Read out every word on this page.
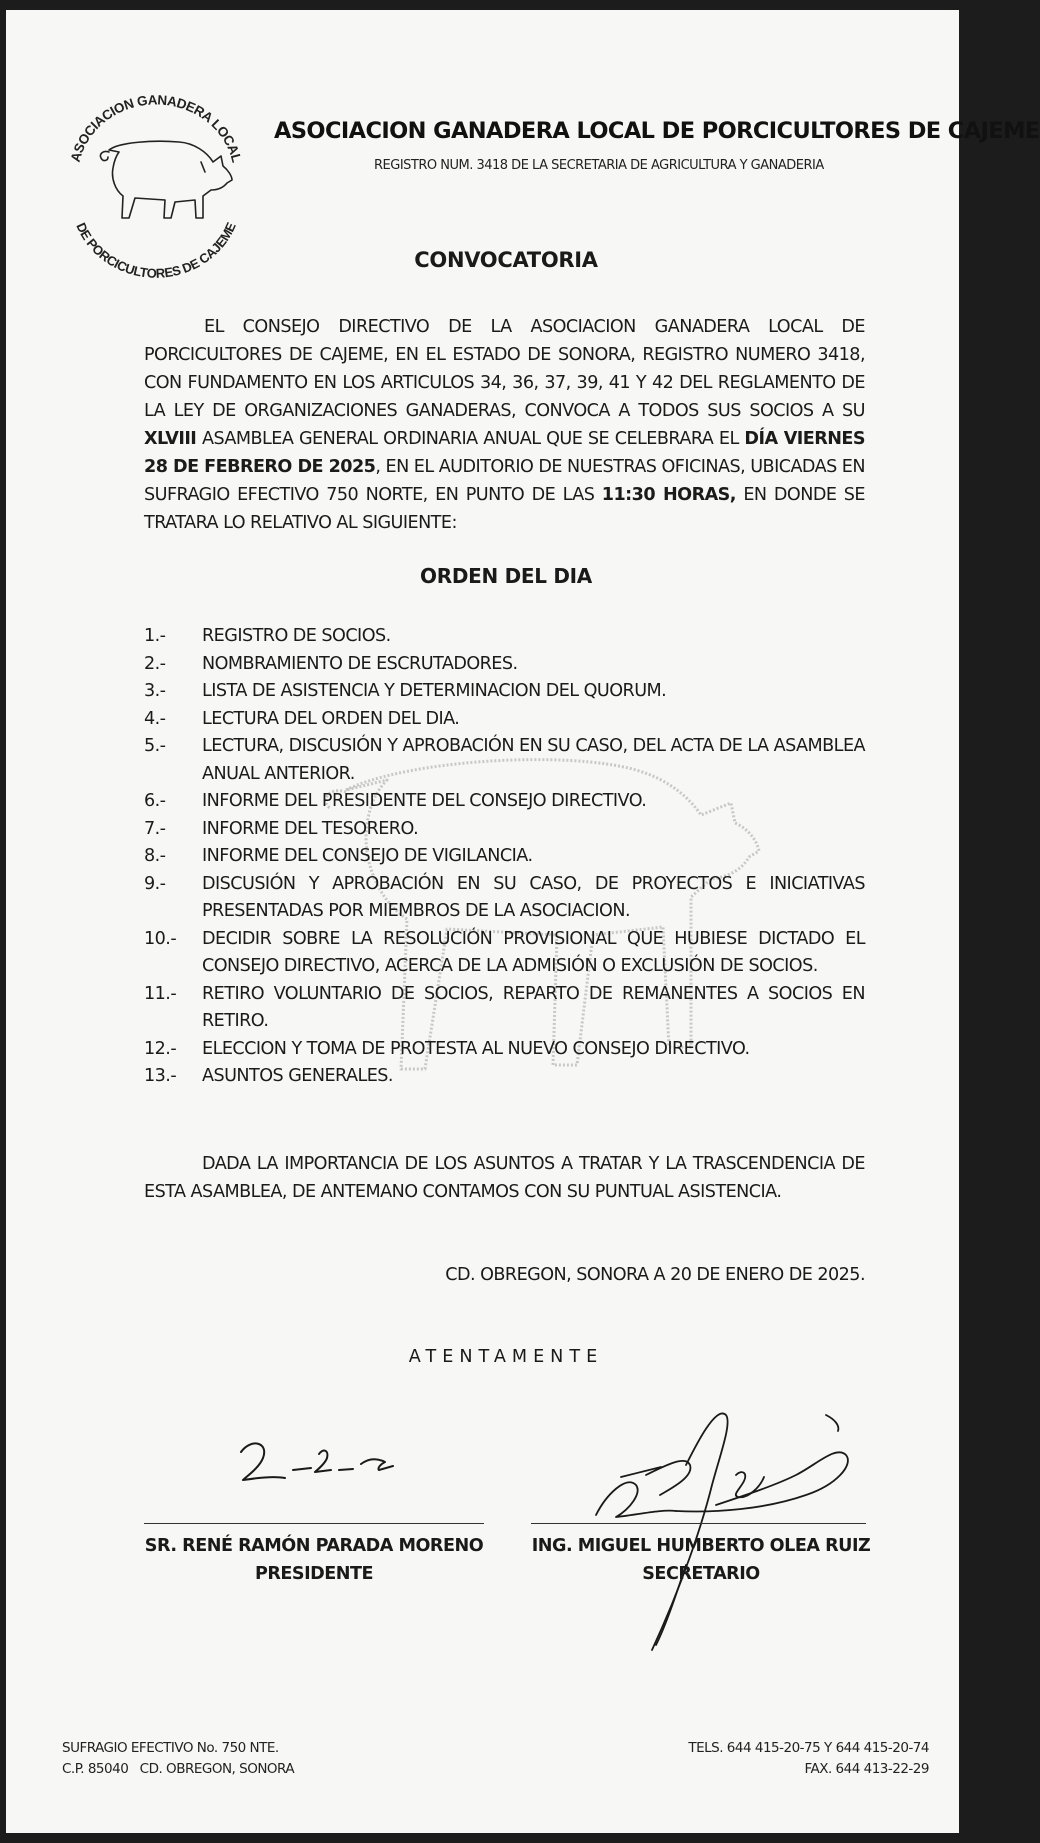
ASOCIACION GANADERA LOCAL
DE PORCICULTORES DE CAJEME
ASOCIACION GANADERA LOCAL DE PORCICULTORES DE CAJEME
REGISTRO NUM. 3418 DE LA SECRETARIA DE AGRICULTURA Y GANADERIA
CONVOCATORIA
EL CONSEJO DIRECTIVO DE LA ASOCIACION GANADERA LOCAL DE PORCICULTORES DE CAJEME, EN EL ESTADO DE SONORA, REGISTRO NUMERO 3418, CON FUNDAMENTO EN LOS ARTICULOS 34, 36, 37, 39, 41 Y 42 DEL REGLAMENTO DE LA LEY DE ORGANIZACIONES GANADERAS, CONVOCA A TODOS SUS SOCIOS A SU XLVIII ASAMBLEA GENERAL ORDINARIA ANUAL QUE SE CELEBRARA EL DÍA VIERNES 28 DE FEBRERO DE 2025, EN EL AUDITORIO DE NUESTRAS OFICINAS, UBICADAS EN SUFRAGIO EFECTIVO 750 NORTE, EN PUNTO DE LAS 11:30 HORAS, EN DONDE SE TRATARA LO RELATIVO AL SIGUIENTE:
ORDEN DEL DIA
1.-	REGISTRO DE SOCIOS.
2.-	NOMBRAMIENTO DE ESCRUTADORES.
3.-	LISTA DE ASISTENCIA Y DETERMINACION DEL QUORUM.
4.-	LECTURA DEL ORDEN DEL DIA.
5.-	LECTURA, DISCUSIÓN Y APROBACIÓN EN SU CASO, DEL ACTA DE LA ASAMBLEA ANUAL ANTERIOR.
6.-	INFORME DEL PRESIDENTE DEL CONSEJO DIRECTIVO.
7.-	INFORME DEL TESORERO.
8.-	INFORME DEL CONSEJO DE VIGILANCIA.
9.-	DISCUSIÓN Y APROBACIÓN EN SU CASO, DE PROYECTOS E INICIATIVAS PRESENTADAS POR MIEMBROS DE LA ASOCIACION.
10.-	DECIDIR SOBRE LA RESOLUCIÓN PROVISIONAL QUE HUBIESE DICTADO EL CONSEJO DIRECTIVO, ACERCA DE LA ADMISIÓN O EXCLUSIÓN DE SOCIOS.
11.-	RETIRO VOLUNTARIO DE SOCIOS, REPARTO DE REMANENTES A SOCIOS EN RETIRO.
12.-	ELECCION Y TOMA DE PROTESTA AL NUEVO CONSEJO DIRECTIVO.
13.-	ASUNTOS GENERALES.
DADA LA IMPORTANCIA DE LOS ASUNTOS A TRATAR Y LA TRASCENDENCIA DE ESTA ASAMBLEA, DE ANTEMANO CONTAMOS CON SU PUNTUAL ASISTENCIA.
CD. OBREGON, SONORA A 20 DE ENERO DE 2025.
ATENTAMENTE
SR. RENÉ RAMÓN PARADA MORENO
PRESIDENTE
ING. MIGUEL HUMBERTO OLEA RUIZ
SECRETARIO
SUFRAGIO EFECTIVO No. 750 NTE.
C.P. 85040   CD. OBREGON, SONORA
TELS. 644 415-20-75 Y 644 415-20-74
FAX. 644 413-22-29
